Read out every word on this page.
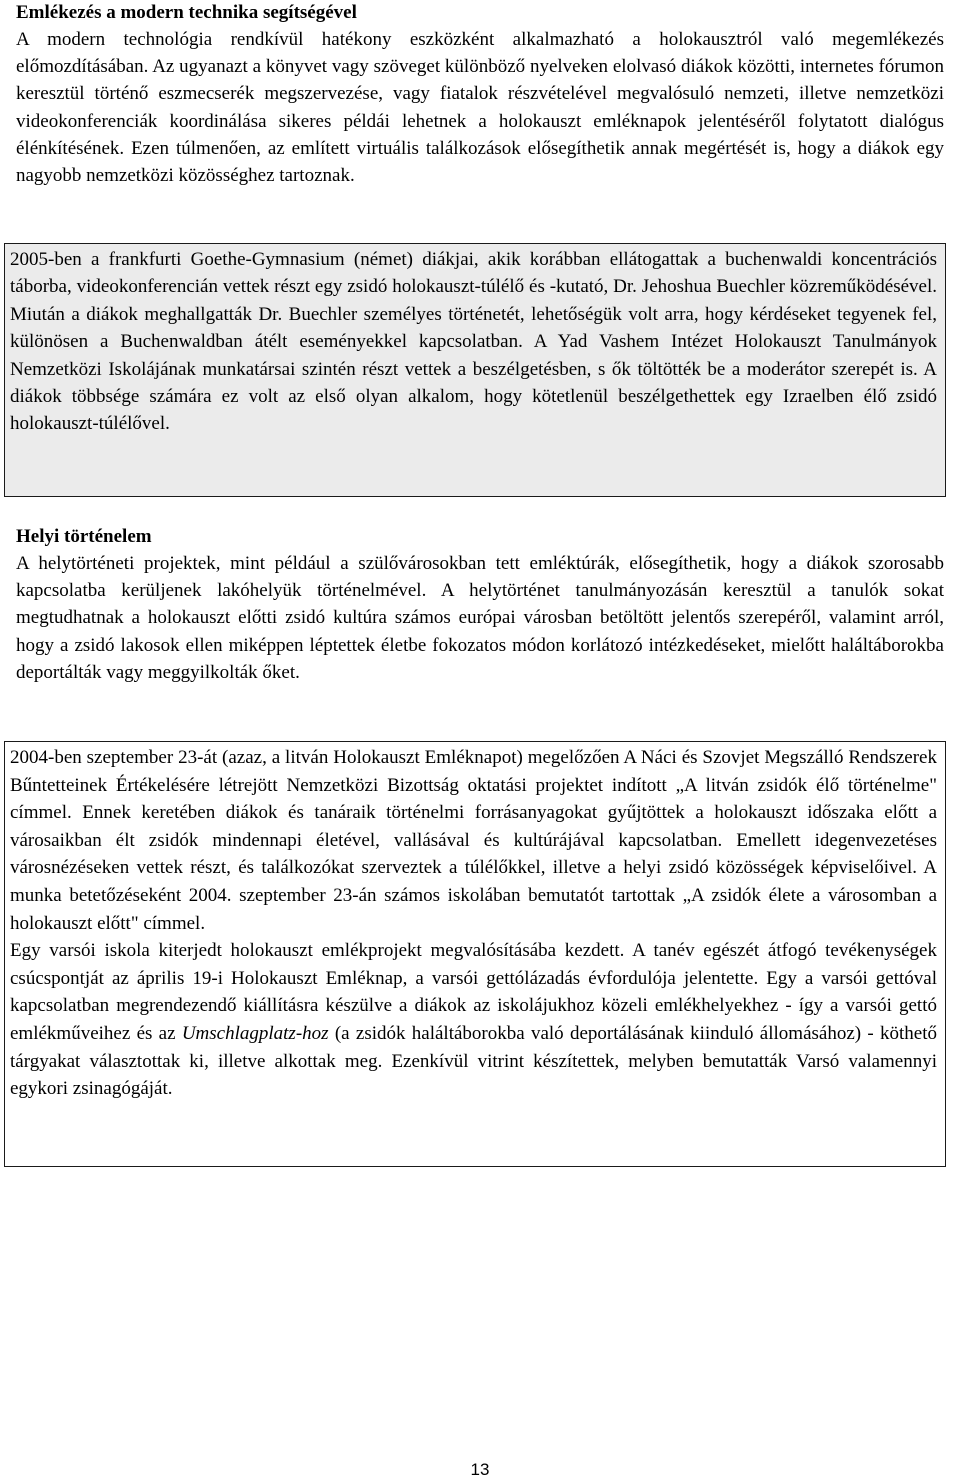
Emlékezés a modern technika segítségével

A modern technológia rendkívül hatékony eszközként alkalmazható a holokausztról való megemlékezés előmozdításában. Az ugyanazt a könyvet vagy szöveget különböző nyelveken elolvasó diákok közötti, internetes fórumon keresztül történő eszmecserék megszervezése, vagy fiatalok részvételével megvalósuló nemzeti, illetve nemzetközi videokonferenciák koordinálása sikeres példái lehetnek a holokauszt emléknapok jelentéséről folytatott dialógus élénkítésének. Ezen túlmenően, az említett virtuális találkozások elősegíthetik annak megértését is, hogy a diákok egy nagyobb nemzetközi közösséghez tartoznak.

2005-ben a frankfurti Goethe-Gymnasium (német) diákjai, akik korábban ellátogattak a buchenwaldi koncentrációs táborba, videokonferencián vettek részt egy zsidó holokauszt-túlélő és -kutató, Dr. Jehoshua Buechler közreműködésével. Miután a diákok meghallgatták Dr. Buechler személyes történetét, lehetőségük volt arra, hogy kérdéseket tegyenek fel, különösen a Buchenwaldban átélt eseményekkel kapcsolatban. A Yad Vashem Intézet Holokauszt Tanulmányok Nemzetközi Iskolájának munkatársai szintén részt vettek a beszélgetésben, s ők töltötték be a moderátor szerepét is. A diákok többsége számára ez volt az első olyan alkalom, hogy kötetlenül beszélgethettek egy Izraelben élő zsidó holokauszt-túlélővel.

Helyi történelem

A helytörténeti projektek, mint például a szülővárosokban tett emléktúrák, elősegíthetik, hogy a diákok szorosabb kapcsolatba kerüljenek lakóhelyük történelmével. A helytörténet tanulmányozásán keresztül a tanulók sokat megtudhatnak a holokauszt előtti zsidó kultúra számos európai városban betöltött jelentős szerepéről, valamint arról, hogy a zsidó lakosok ellen miképpen léptettek életbe fokozatos módon korlátozó intézkedéseket, mielőtt haláltáborokba deportálták vagy meggyilkolták őket.

2004-ben szeptember 23-át (azaz, a litván Holokauszt Emléknapot) megelőzően A Náci és Szovjet Megszálló Rendszerek Bűntetteinek Értékelésére létrejött Nemzetközi Bizottság oktatási projektet indított „A litván zsidók élő történelme" címmel. Ennek keretében diákok és tanáraik történelmi forrásanyagokat gyűjtöttek a holokauszt időszaka előtt a városaikban élt zsidók mindennapi életével, vallásával és kultúrájával kapcsolatban. Emellett idegenvezetéses városnézéseken vettek részt, és találkozókat szerveztek a túlélőkkel, illetve a helyi zsidó közösségek képviselőivel. A munka betetőzéseként 2004. szeptember 23-án számos iskolában bemutatót tartottak „A zsidók élete a városomban a holokauszt előtt" címmel.

Egy varsói iskola kiterjedt holokauszt emlékprojekt megvalósításába kezdett. A tanév egészét átfogó tevékenységek csúcspontját az április 19-i Holokauszt Emléknap, a varsói gettólázadás évfordulója jelentette. Egy a varsói gettóval kapcsolatban megrendezendő kiállításra készülve a diákok az iskolájukhoz közeli emlékhelyekhez - így a varsói gettó emlékműveihez és az Umschlagplatz-hoz (a zsidók haláltáborokba való deportálásának kiinduló állomásához) - köthető tárgyakat választottak ki, illetve alkottak meg. Ezenkívül vitrint készítettek, melyben bemutatták Varsó valamennyi egykori zsinagógáját.

13
